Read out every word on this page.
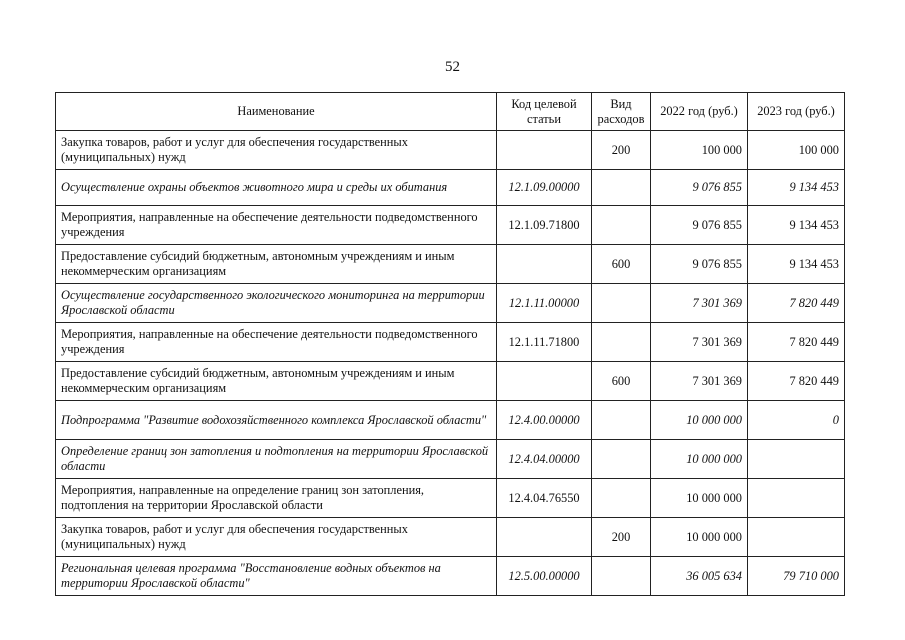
52
Наименование	Код целевой статьи	Вид расходов	2022 год (руб.)	2023 год (руб.)
Закупка товаров, работ и услуг для обеспечения государственных (муниципальных) нужд		200	100 000	100 000
Осуществление охраны объектов животного мира и среды их обитания	12.1.09.00000		9 076 855	9 134 453
Мероприятия, направленные на обеспечение деятельности подведомственного учреждения	12.1.09.71800		9 076 855	9 134 453
Предоставление субсидий бюджетным, автономным учреждениям и иным некоммерческим организациям		600	9 076 855	9 134 453
Осуществление государственного экологического мониторинга на территории Ярославской области	12.1.11.00000		7 301 369	7 820 449
Мероприятия, направленные на обеспечение деятельности подведомственного учреждения	12.1.11.71800		7 301 369	7 820 449
Предоставление субсидий бюджетным, автономным учреждениям и иным некоммерческим организациям		600	7 301 369	7 820 449
Подпрограмма "Развитие водохозяйственного комплекса Ярославской области"	12.4.00.00000		10 000 000	0
Определение границ зон затопления и подтопления на территории Ярославской области	12.4.04.00000		10 000 000	
Мероприятия, направленные на определение границ зон затопления, подтопления на территории Ярославской области	12.4.04.76550		10 000 000	
Закупка товаров, работ и услуг для обеспечения государственных (муниципальных) нужд		200	10 000 000	
Региональная целевая программа "Восстановление водных объектов на территории Ярославской области"	12.5.00.00000		36 005 634	79 710 000
